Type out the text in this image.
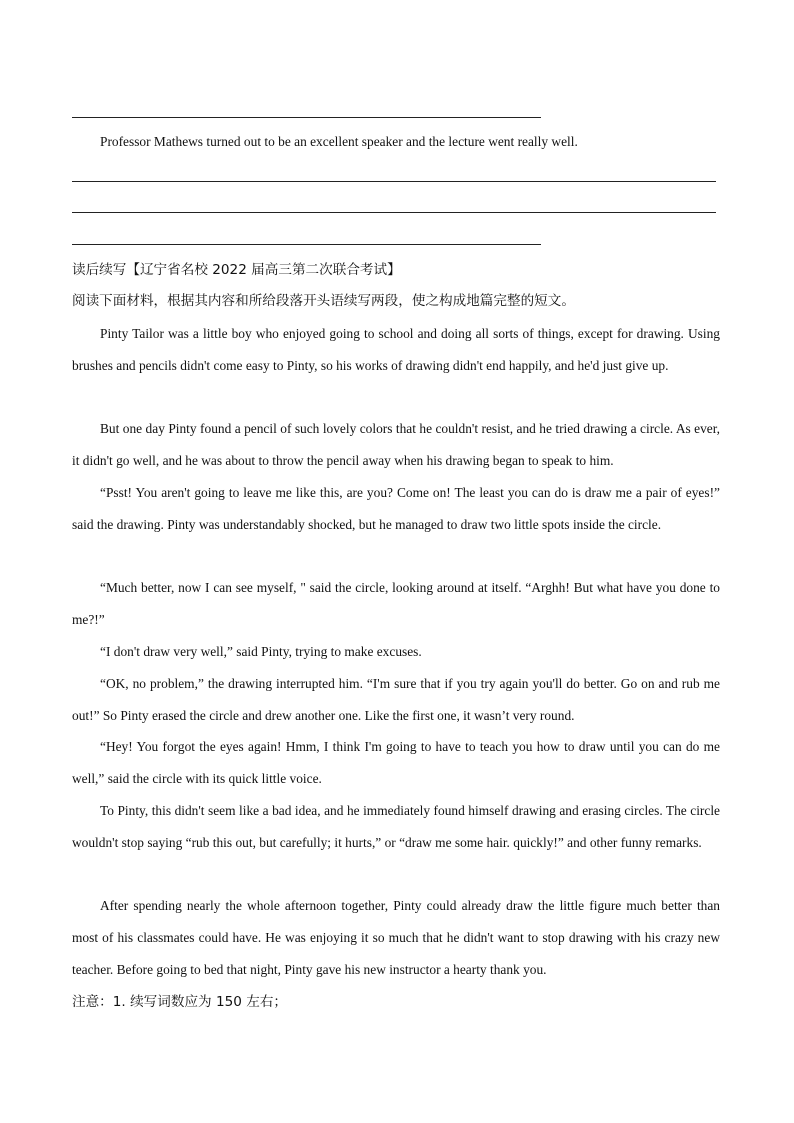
Professor Mathews turned out to be an excellent speaker and the lecture went really well.
读后续写【辽宁省名校 2022 届高三第二次联合考试】
阅读下面材料，根据其内容和所给段落开头语续写两段，使之构成地篇完整的短文。
Pinty Tailor was a little boy who enjoyed going to school and doing all sorts of things, except for drawing. Using brushes and pencils didn't come easy to Pinty, so his works of drawing didn't end happily, and he'd just give up.
But one day Pinty found a pencil of such lovely colors that he couldn't resist, and he tried drawing a circle. As ever, it didn't go well, and he was about to throw the pencil away when his drawing began to speak to him.
“Psst! You aren't going to leave me like this, are you? Come on! The least you can do is draw me a pair of eyes!” said the drawing. Pinty was understandably shocked, but he managed to draw two little spots inside the circle.
“Much better, now I can see myself, " said the circle, looking around at itself. “Arghh! But what have you done to me?!”
“I don't draw very well,” said Pinty, trying to make excuses.
“OK, no problem,” the drawing interrupted him. “I'm sure that if you try again you'll do better. Go on and rub me out!” So Pinty erased the circle and drew another one. Like the first one, it wasn’t very round.
“Hey! You forgot the eyes again! Hmm, I think I'm going to have to teach you how to draw until you can do me well,” said the circle with its quick little voice.
To Pinty, this didn't seem like a bad idea, and he immediately found himself drawing and erasing circles. The circle wouldn't stop saying “rub this out, but carefully; it hurts,” or “draw me some hair. quickly!” and other funny remarks.
After spending nearly the whole afternoon together, Pinty could already draw the little figure much better than most of his classmates could have. He was enjoying it so much that he didn't want to stop drawing with his crazy new teacher. Before going to bed that night, Pinty gave his new instructor a hearty thank you.
注意：1. 续写词数应为 150 左右；
